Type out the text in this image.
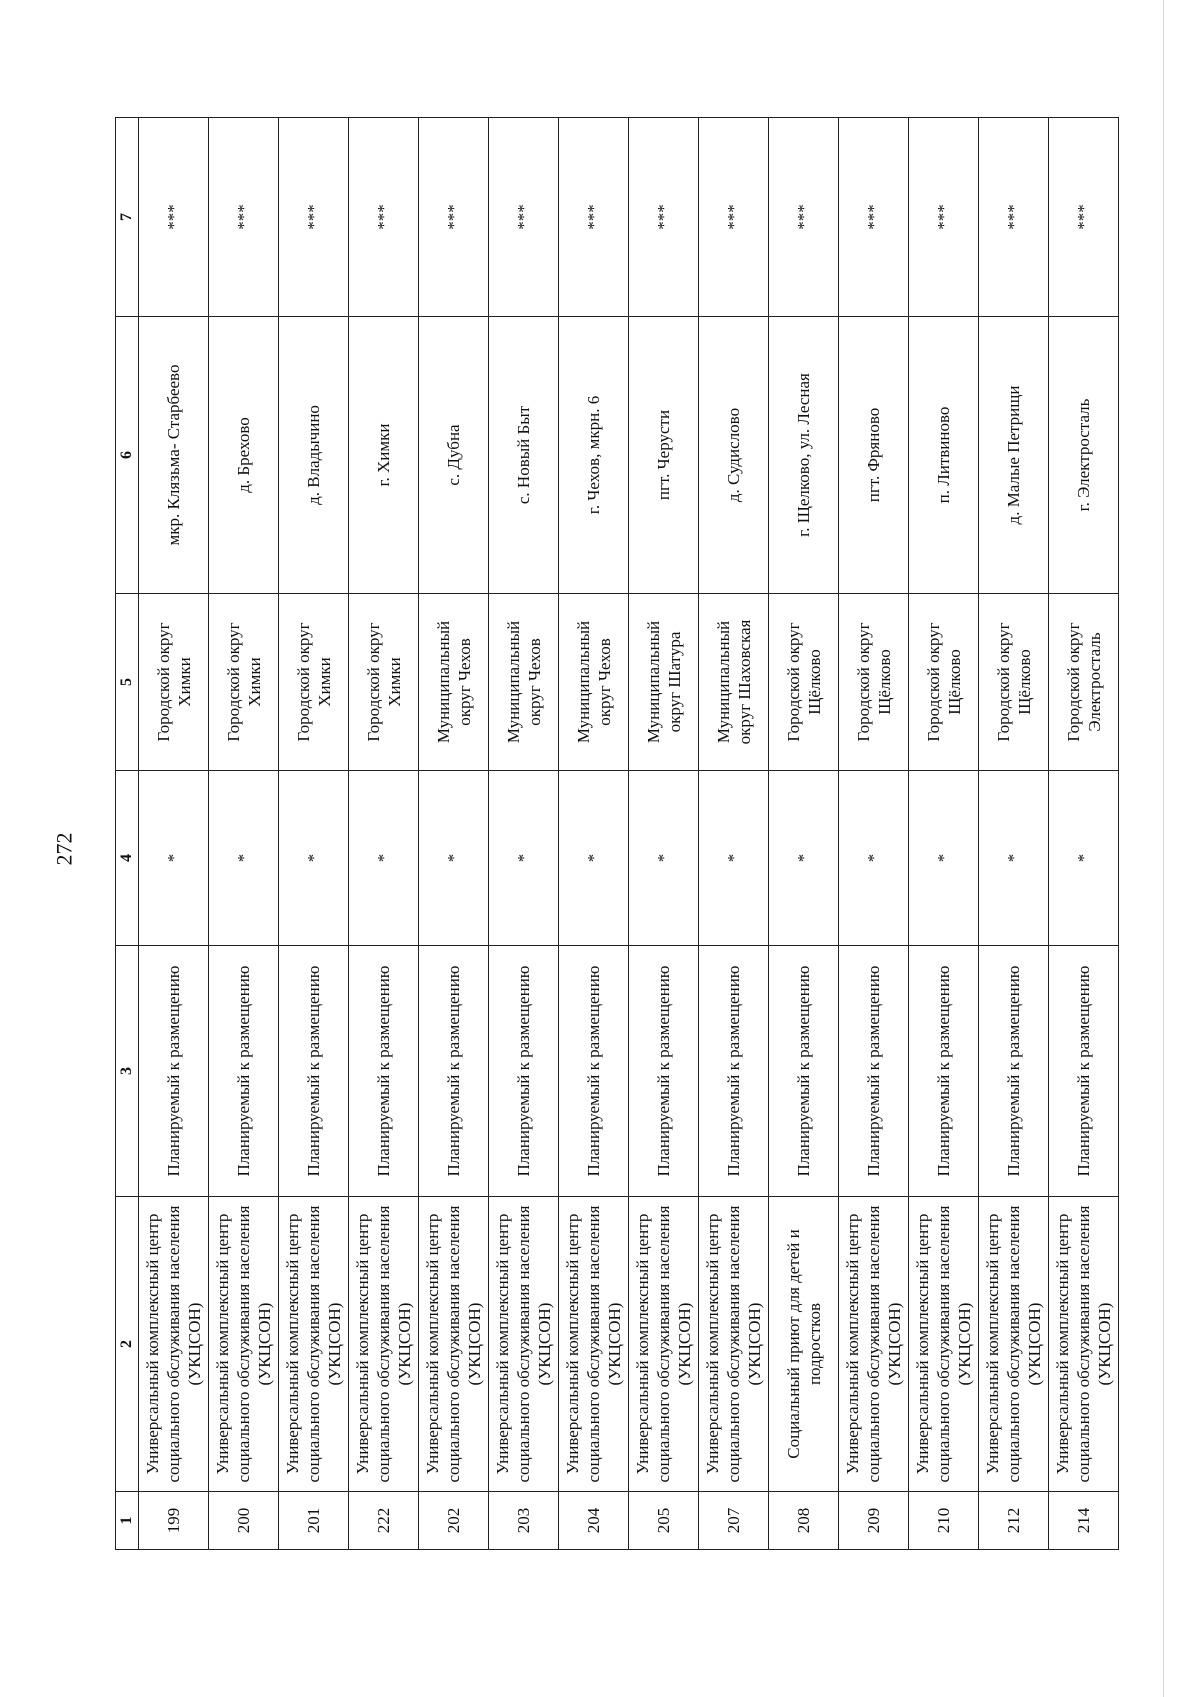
272
1	2	3	4	5	6	7
199	Универсальный комплексный центр социального обслуживания населения (УКЦСОН)	Планируемый к размещению	*	Городской округ Химки	мкр. Клязьма- Старбеево	***
200	Универсальный комплексный центр социального обслуживания населения (УКЦСОН)	Планируемый к размещению	*	Городской округ Химки	д. Брехово	***
201	Универсальный комплексный центр социального обслуживания населения (УКЦСОН)	Планируемый к размещению	*	Городской округ Химки	д. Владычино	***
222	Универсальный комплексный центр социального обслуживания населения (УКЦСОН)	Планируемый к размещению	*	Городской округ Химки	г. Химки	***
202	Универсальный комплексный центр социального обслуживания населения (УКЦСОН)	Планируемый к размещению	*	Муниципальный округ Чехов	с. Дубна	***
203	Универсальный комплексный центр социального обслуживания населения (УКЦСОН)	Планируемый к размещению	*	Муниципальный округ Чехов	с. Новый Быт	***
204	Универсальный комплексный центр социального обслуживания населения (УКЦСОН)	Планируемый к размещению	*	Муниципальный округ Чехов	г. Чехов, мкрн. 6	***
205	Универсальный комплексный центр социального обслуживания населения (УКЦСОН)	Планируемый к размещению	*	Муниципальный округ Шатура	пгт. Черусти	***
207	Универсальный комплексный центр социального обслуживания населения (УКЦСОН)	Планируемый к размещению	*	Муниципальный округ Шаховская	д. Судислово	***
208	Социальный приют для детей и подростков	Планируемый к размещению	*	Городской округ Щёлково	г. Щелково, ул. Лесная	***
209	Универсальный комплексный центр социального обслуживания населения (УКЦСОН)	Планируемый к размещению	*	Городской округ Щёлково	пгт. Фряново	***
210	Универсальный комплексный центр социального обслуживания населения (УКЦСОН)	Планируемый к размещению	*	Городской округ Щёлково	п. Литвиново	***
212	Универсальный комплексный центр социального обслуживания населения (УКЦСОН)	Планируемый к размещению	*	Городской округ Щёлково	д. Малые Петрищи	***
214	Универсальный комплексный центр социального обслуживания населения (УКЦСОН)	Планируемый к размещению	*	Городской округ Электросталь	г. Электросталь	***
